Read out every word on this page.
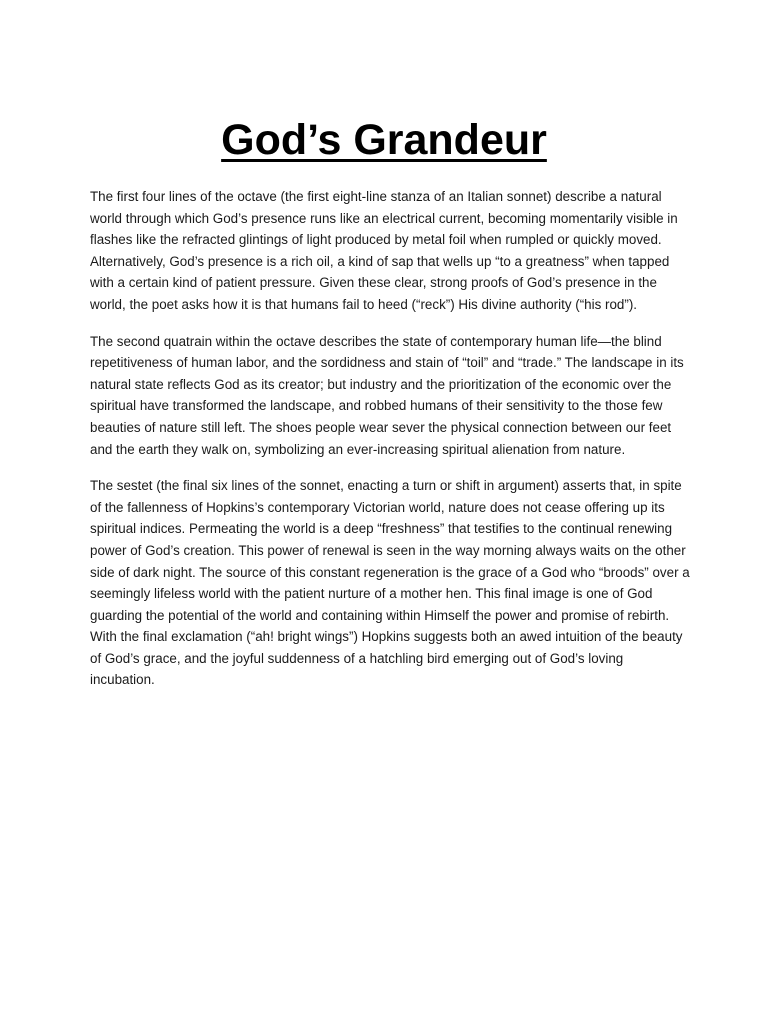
God’s Grandeur

The first four lines of the octave (the first eight-line stanza of an Italian sonnet) describe a natural world through which God’s presence runs like an electrical current, becoming momentarily visible in flashes like the refracted glintings of light produced by metal foil when rumpled or quickly moved. Alternatively, God’s presence is a rich oil, a kind of sap that wells up “to a greatness” when tapped with a certain kind of patient pressure. Given these clear, strong proofs of God’s presence in the world, the poet asks how it is that humans fail to heed (“reck”) His divine authority (“his rod”).

The second quatrain within the octave describes the state of contemporary human life—the blind repetitiveness of human labor, and the sordidness and stain of “toil” and “trade.” The landscape in its natural state reflects God as its creator; but industry and the prioritization of the economic over the spiritual have transformed the landscape, and robbed humans of their sensitivity to the those few beauties of nature still left. The shoes people wear sever the physical connection between our feet and the earth they walk on, symbolizing an ever-increasing spiritual alienation from nature.

The sestet (the final six lines of the sonnet, enacting a turn or shift in argument) asserts that, in spite of the fallenness of Hopkins’s contemporary Victorian world, nature does not cease offering up its spiritual indices. Permeating the world is a deep “freshness” that testifies to the continual renewing power of God’s creation. This power of renewal is seen in the way morning always waits on the other side of dark night. The source of this constant regeneration is the grace of a God who “broods” over a seemingly lifeless world with the patient nurture of a mother hen. This final image is one of God guarding the potential of the world and containing within Himself the power and promise of rebirth. With the final exclamation (“ah! bright wings”) Hopkins suggests both an awed intuition of the beauty of God’s grace, and the joyful suddenness of a hatchling bird emerging out of God’s loving incubation.
